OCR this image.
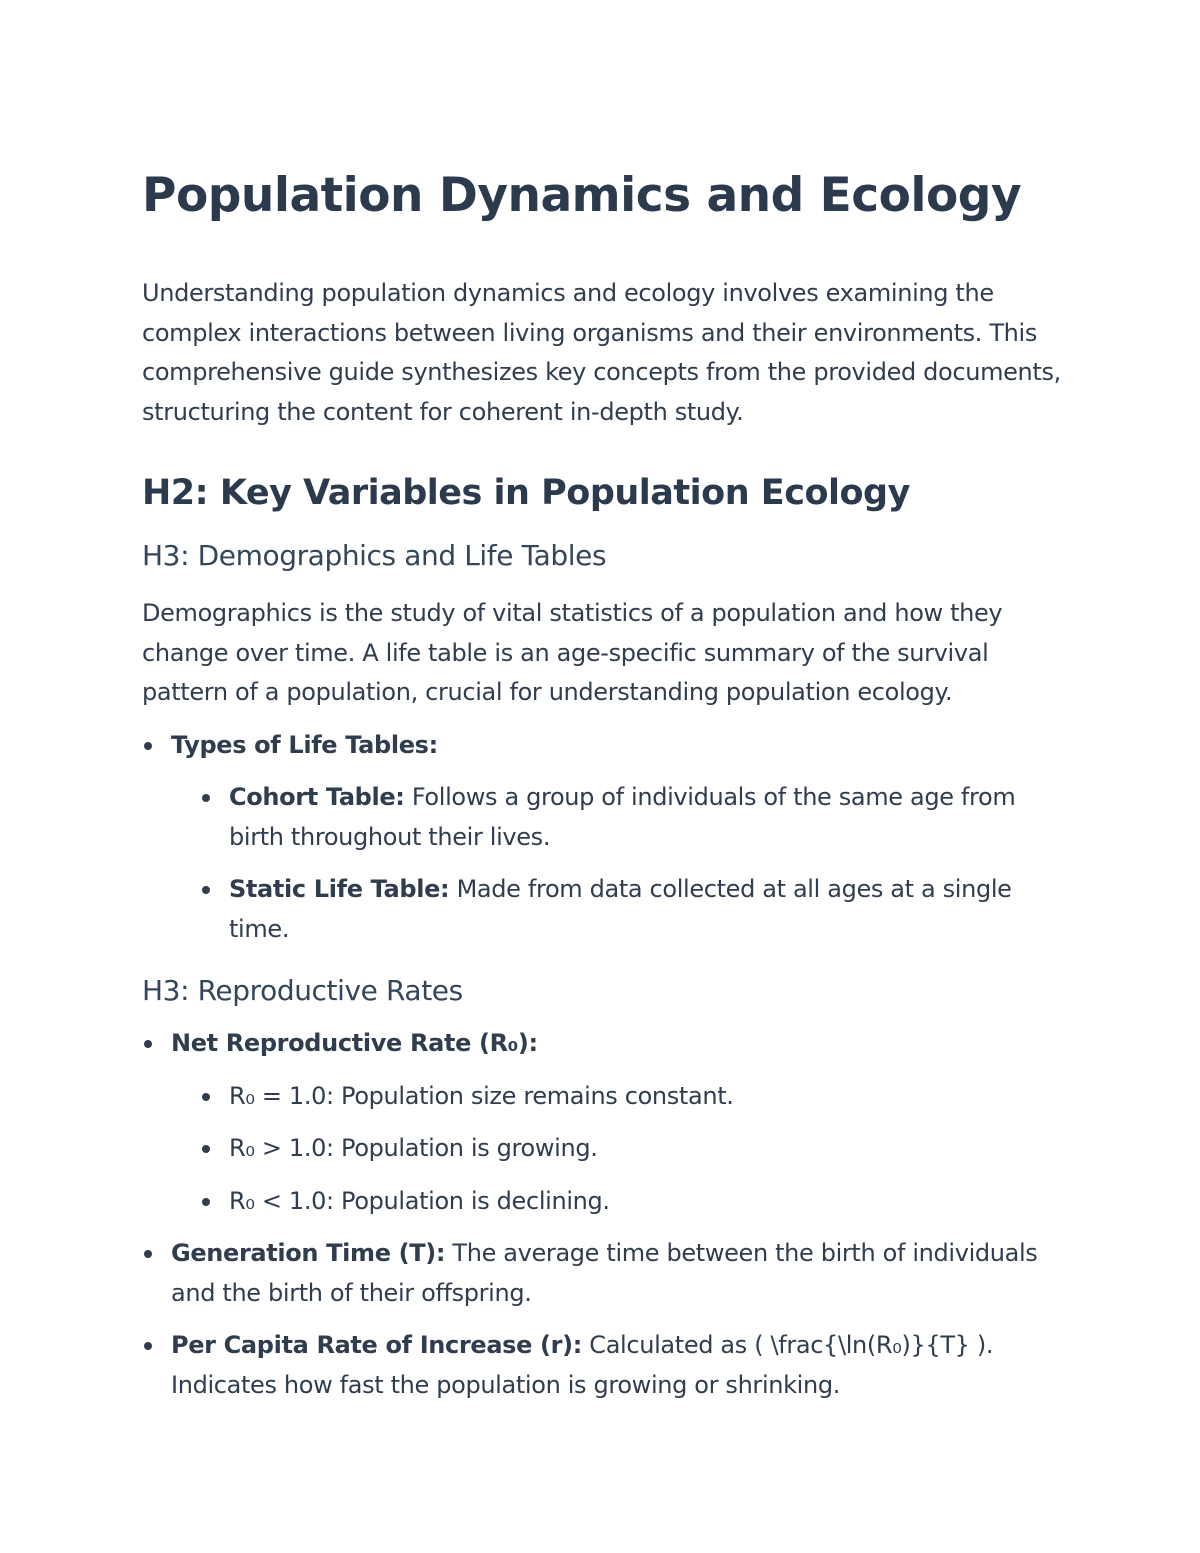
Population Dynamics and Ecology

Understanding population dynamics and ecology involves examining the complex interactions between living organisms and their environments. This comprehensive guide synthesizes key concepts from the provided documents, structuring the content for coherent in-depth study.

H2: Key Variables in Population Ecology
H3: Demographics and Life Tables

Demographics is the study of vital statistics of a population and how they change over time. A life table is an age-specific summary of the survival pattern of a population, crucial for understanding population ecology.

Types of Life Tables:
Cohort Table: Follows a group of individuals of the same age from birth throughout their lives.
Static Life Table: Made from data collected at all ages at a single time.
H3: Reproductive Rates
Net Reproductive Rate (R₀):
R₀ = 1.0: Population size remains constant.
R₀ > 1.0: Population is growing.
R₀ < 1.0: Population is declining.
Generation Time (T): The average time between the birth of individuals and the birth of their offspring.
Per Capita Rate of Increase (r): Calculated as ( \frac{\ln(R₀)}{T} ). Indicates how fast the population is growing or shrinking.
